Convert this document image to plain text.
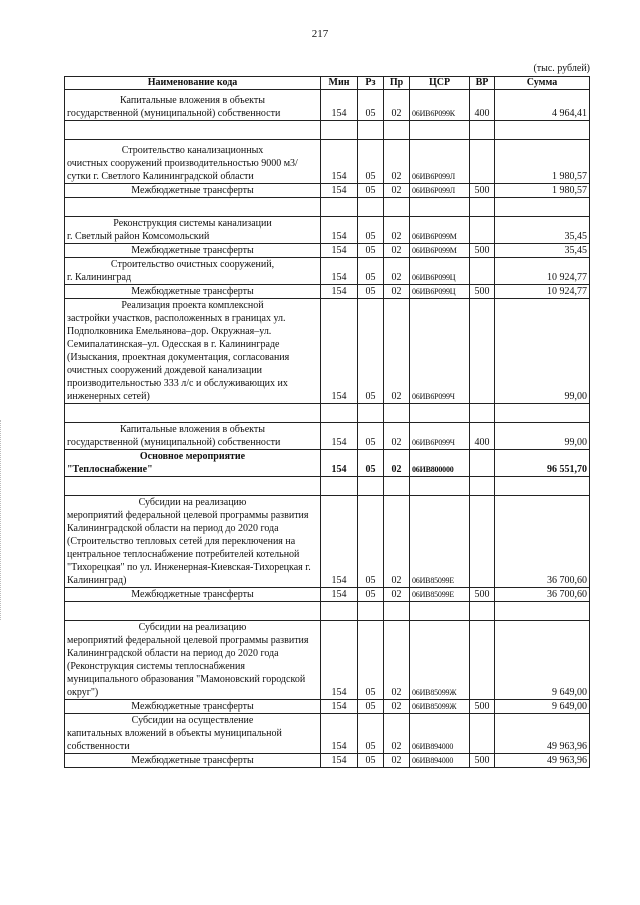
217
(тыс. рублей)
Наименование кода	Мин	Рз	Пр	ЦСР	ВР	Сумма

Капитальные вложения в объекты
государственной (муниципальной) собственности	154	05	02	06ИВ6Р099К	400	4 964,41

Строительство канализационных
очистных сооружений производительностью 9000 м3/сутки г. Светлого Калининградской области	154	05	02	06ИВ6Р099Л		1 980,57
Межбюджетные трансферты	154	05	02	06ИВ6Р099Л	500	1 980,57

Реконструкция системы канализации
г. Светлый район Комсомольский	154	05	02	06ИВ6Р099М		35,45
Межбюджетные трансферты	154	05	02	06ИВ6Р099М	500	35,45

Строительство очистных сооружений,
г. Калининград	154	05	02	06ИВ6Р099Ц		10 924,77
Межбюджетные трансферты	154	05	02	06ИВ6Р099Ц	500	10 924,77

Реализация проекта комплексной
застройки участков, расположенных в границах ул. Подполковника Емельянова–дор. Окружная–ул. Семипалатинская–ул. Одесская в г. Калининграде (Изыскания, проектная документация, согласования очистных сооружений дождевой канализации производительностью 333 л/с и обслуживающих их инженерных сетей)	154	05	02	06ИВ6Р099Ч		99,00

Капитальные вложения в объекты
государственной (муниципальной) собственности	154	05	02	06ИВ6Р099Ч	400	99,00

Основное мероприятие
"Теплоснабжение"	154	05	02	06ИВ800000		96 551,70

Субсидии на реализацию
мероприятий федеральной целевой программы развития Калининградской области на период до 2020 года (Строительство тепловых сетей для переключения на центральное теплоснабжение потребителей котельной "Тихорецкая" по ул. Инженерная-Киевская-Тихорецкая г. Калининград)	154	05	02	06ИВ85099Е		36 700,60
Межбюджетные трансферты	154	05	02	06ИВ85099Е	500	36 700,60

Субсидии на реализацию
мероприятий федеральной целевой программы развития Калининградской области на период до 2020 года (Реконструкция системы теплоснабжения муниципального образования "Мамоновский городской округ")	154	05	02	06ИВ85099Ж		9 649,00
Межбюджетные трансферты	154	05	02	06ИВ85099Ж	500	9 649,00

Субсидии на осуществление
капитальных вложений в объекты муниципальной собственности	154	05	02	06ИВ894000		49 963,96
Межбюджетные трансферты	154	05	02	06ИВ894000	500	49 963,96
